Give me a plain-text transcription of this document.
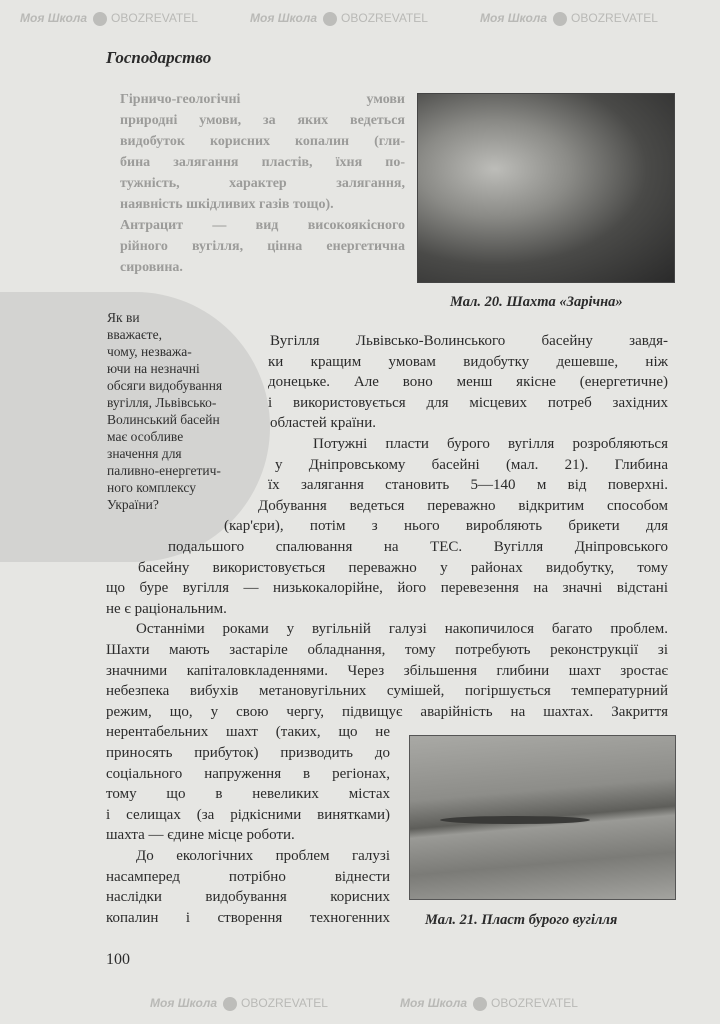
Моя Школа OBOZREVATEL	Моя Школа OBOZREVATEL	Моя Школа OBOZREVATEL
Моя Школа OBOZREVATEL	Моя Школа OBOZREVATEL
Господарство
Гірничо-геологічні умови
природні умови, за яких ведеться
видобуток корисних копалин (гли-
бина залягання пластів, їхня по-
тужність, характер залягання,
наявність шкідливих газів тощо).
Антрацит — вид високоякісного
рійного вугілля, цінна енергетична
сировина.
Мал. 20. Шахта «Зарічна»
Як ви
вважаєте,
чому, незважа-
ючи на незначні
обсяги видобування
вугілля, Львівсько-
Волинський басейн
має особливе
значення для
паливно-енергетич-
ного комплексу
України?
Вугілля Львівсько-Волинського басейну завдя-
ки кращим умовам видобутку дешевше, ніж
донецьке. Але воно менш якісне (енергетичне)
і використовується для місцевих потреб західних
областей країни.
Потужні пласти бурого вугілля розробляються
у Дніпровському басейні (мал. 21). Глибина
їх залягання становить 5—140 м від поверхні.
Добування ведеться переважно відкритим способом
(кар'єри), потім з нього виробляють брикети для
подальшого спалювання на ТЕС. Вугілля Дніпровського
басейну використовується переважно у районах видобутку, тому
що буре вугілля — низькокалорійне, його перевезення на значні відстані
не є раціональним.
Останніми роками у вугільній галузі накопичилося багато проблем.
Шахти мають застаріле обладнання, тому потребують реконструкції зі
значними капіталовкладеннями. Через збільшення глибини шахт зростає
небезпека вибухів метановугільних сумішей, погіршується температурний
режим, що, у свою чергу, підвищує аварійність на шахтах. Закриття
нерентабельних шахт (таких, що не
приносять прибуток) призводить до
соціального напруження в регіонах,
тому що в невеликих містах
і селищах (за рідкісними винятками)
шахта — єдине місце роботи.
До екологічних проблем галузі
насамперед потрібно віднести
наслідки видобування корисних
копалин і створення техногенних Мал. 21. Пласт бурого вугілля
100
